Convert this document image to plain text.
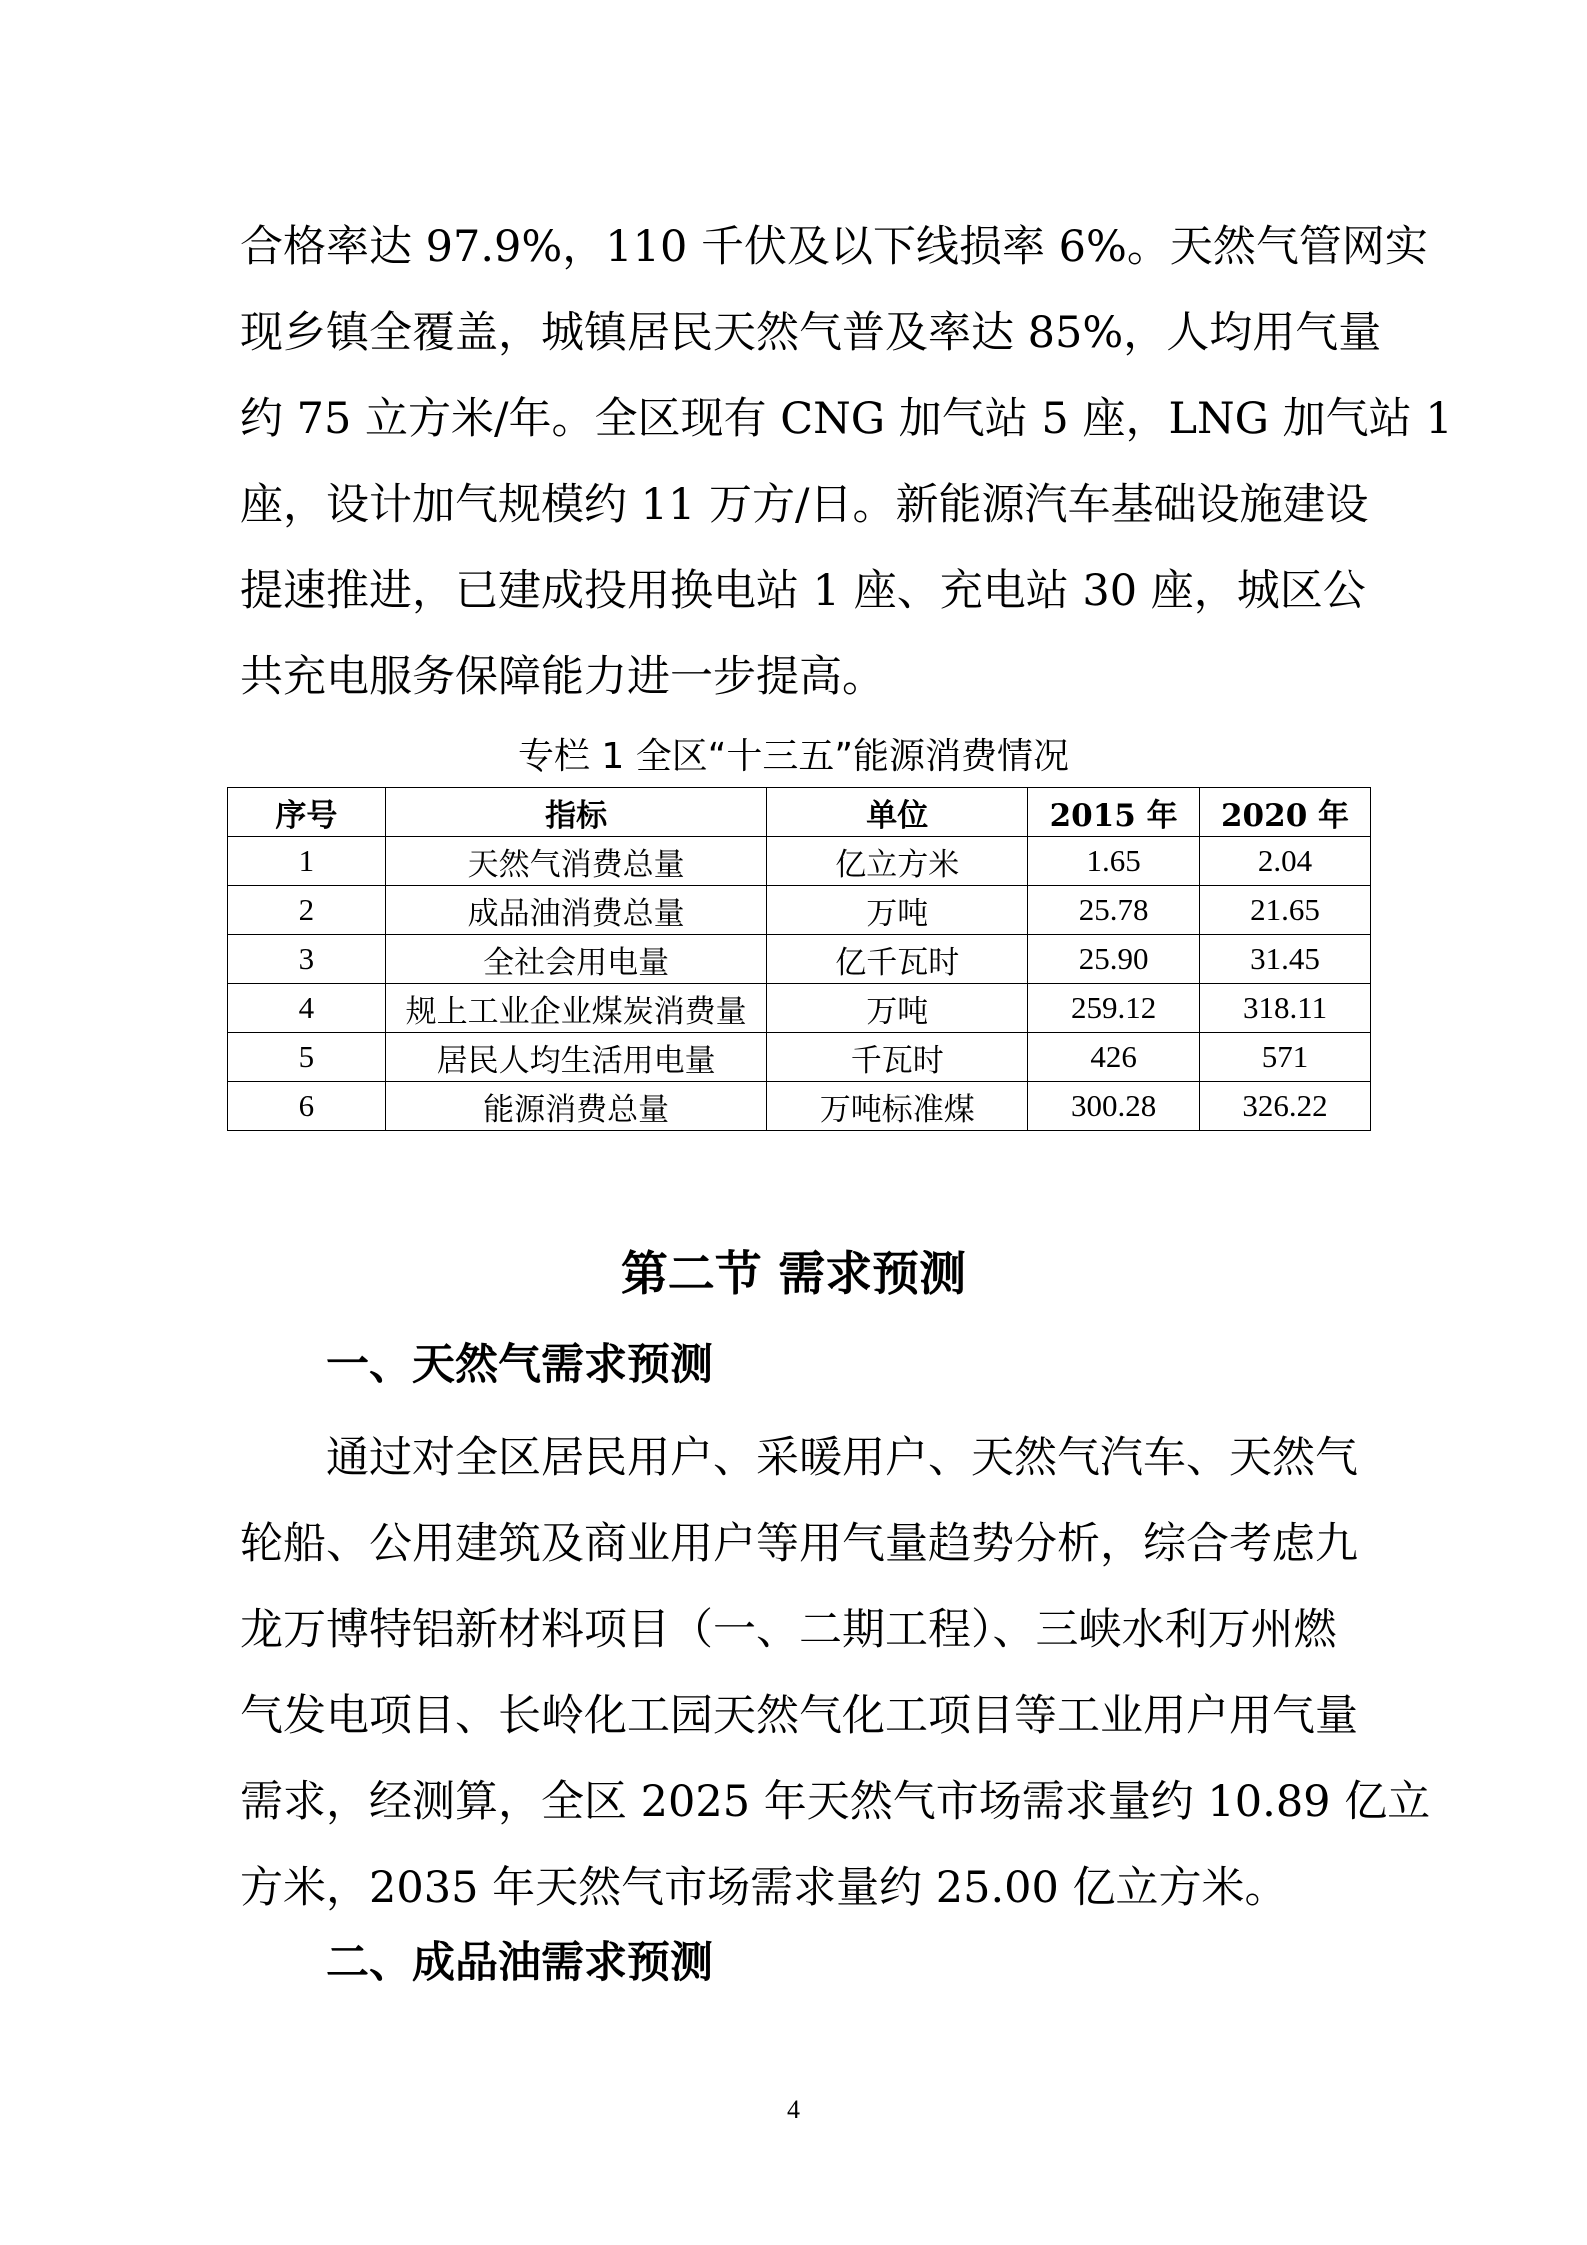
合格率达 97.9%，110 千伏及以下线损率 6%。天然气管网实
现乡镇全覆盖，城镇居民天然气普及率达 85%，人均用气量
约 75 立方米/年。全区现有 CNG 加气站 5 座，LNG 加气站 1
座，设计加气规模约 11 万方/日。新能源汽车基础设施建设
提速推进，已建成投用换电站 1 座、充电站 30 座，城区公
共充电服务保障能力进一步提高。
专栏 1 全区“十三五”能源消费情况
序号	指标	单位	2015 年	2020 年
1	天然气消费总量	亿立方米	1.65	2.04
2	成品油消费总量	万吨	25.78	21.65
3	全社会用电量	亿千瓦时	25.90	31.45
4	规上工业企业煤炭消费量	万吨	259.12	318.11
5	居民人均生活用电量	千瓦时	426	571
6	能源消费总量	万吨标准煤	300.28	326.22
第二节 需求预测
一、天然气需求预测
通过对全区居民用户、采暖用户、天然气汽车、天然气
轮船、公用建筑及商业用户等用气量趋势分析，综合考虑九
龙万博特铝新材料项目（一、二期工程）、三峡水利万州燃
气发电项目、长岭化工园天然气化工项目等工业用户用气量
需求，经测算，全区 2025 年天然气市场需求量约 10.89 亿立
方米，2035 年天然气市场需求量约 25.00 亿立方米。
二、成品油需求预测
4
